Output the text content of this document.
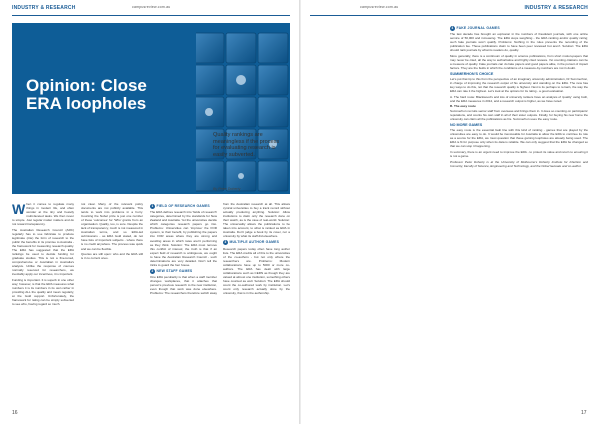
INDUSTRY & RESEARCH	campusreview.com.au
Opinion: Close ERA loopholes
Quality rankings are meaningless if the process for evaluating research is easily subverted.
By Peter Doherty

When it comes to regulate many things in modern life, and often wonder at the tiny and heavily multi-faceted tasks. We then never to simple. Just regular matter matters and do not reward transparency.

The Australian Research Council (ARC) regularly has to use fabricate to produce legitimate (cite) the form of research to the public the benefits in its promise to Australia - the framework for measuring research quality. The ERA has suggested that the ERA rankings be used to decide funding for graduate studies. This is not a fine-tuned, comprehensive or Australian in Australia's analysis. Unlike the response of courses normally reserved for researchers, we inevitably apply our incentives, it is important.

Funding is important. It is superb in one other way; however, is that the ERA measures what numbers it is its numbers in its own rather in providing ALL the quality and mean regularly, at the Gold support. Unfortunately, the framework for rating can be simply subverted to see who, having regard so much.

not clear. Many of the relevant policy documents are not publicly available. This tends to work into problems in a hurry. Counting the Nobel prize is just one number of these 'outcomes' for 'Who' grants from an organisation. Quality, too, is sure. Despite the lack of transparency, much is not measured in Australian terms, and so ERA-led submissions - as ERA Gold stated, do not have lists of important subjects - where there is no credit anywhere. The process was quick and we can be flexible.

Queries are still open: who and the ERA still is in to current ones.

1 FIELD OF RESEARCH GAMES

The ERA defines research into 'fields of research' categories, determined by the standards for New Zealand and Australia. Yet the universities decide which categories research papers go into. Problems: Universities can 'improve' the FOR system, to their benefit, by publishing the papers into FOR areas where they are strong and avoiding areas in which rates aren't performing as they think. Solution: The ERA must remove this conflict of interest; the truth is that if an expert field of research is ambiguous, we ought to have the Australian Research Council - such determinations are very detailed. Don't tell the tricks to guard the hen house.

2 NEW STAFF GAMES

One ERA peculiarity is that when a staff member changes workplaces, that it attaches that person's previous research to the new institution, even though that work was done elsewhere. Problems: The researchers therefore switch away from the Australian research at all. This allows cynical universities to buy a track record without actually producing anything. Solution: Allow institutions to claim only the research done on their watch, as is the case of real-world. Solution: The universality allows the publications to be taken into account, to what is ranked as ERA in Australia. Don't judge a book by its cover, nor a university by what its staff did elsewhere.

3 MULTIPLE AUTHOR GAMES

Research papers today often have long author lists. The ERA credits all of this to the universities of the co-authors - but not only where the researchers are. Problems: Modern collaborations have up to 5000 or more co-authors. The ERA has dealt with large collaborations such as CERN as though they are valued at almost one institution, something others have counted as well. Solution: The ERA should count the co-authored work by institution. Let's count only research actually done by the university, that is in the authorship.

16
campusreview.com.au	INDUSTRY & RESEARCH

4 FAKE JOURNAL GAMES

The last decade has brought an explosion in the numbers of fraudulent journals, with one online service of 50,000 and increasing. The ERA stops weighting - the ERA ranking and/or quality rating; such fake journals won't qualify. Problems: Nothing in the rules prevents the recording of the publication fee. These publications claim to have been peer reviewed but aren't. Solution: The ERA should rank journals by what its readers do, quality.

More generally, there is a continuum of quality in science publications, from short motion-papers that may never be cited, all the way to authoritative and highly cited reviews. Yet counting citations can be a measure of quality. Fake journals can do fake papers and good papers alike, in the pursuit of impact factors. They are the fields in which the conditions of a measure-by-numbers are not in doubt.

SUMMERHON'S CHOICE

Let's put that tip to this from the perspective of an imaginary university administration, Dr Summerhon, in charge of improving the research output of his university and standing on the ERA. The new has key ways to do this, not that the research quality is highest. Next is its perhaps to remain, the way the ERA can rate it the highest. Let's look at the options for its rating - a good evaluation.

A. The hard route: Blackwood's and lots of university rankers have an analysis of 'quality' using both, and the ERA measures in 2012, and a research output is higher, as we have noted.

B. The easy route

Summerhon recruits senior staff from overseas and brings them in. It does so counting on participants' reputations, and counts his own staff in all of their sister outputs. Finally, for buying his new home the university can claim all the publications as his. Summerhon uses the easy route.

NO MORE GAMES

The easy route is the essential fault line with this kind of ranking - games that are played by the universities are easy to do. It would be inexcusable for Australia to allow the ERA to continue its role as a source for the ERA, we must question that these gaming loopholes are already being used. The ERA is fit for purpose only when its data is reliable. We can only suggest that the ERA be changed so that we can stop it happening.

In summary, there is an urgent need to improve the ERA - to protect its value and return to ensuring it is not a game.

Professor Peter Doherty is at the University of Melbourne's Doherty Institute for Infection and Immunity, Faculty of Science, Engineering and Technology, and the Nobel laureate and co-author.

17
